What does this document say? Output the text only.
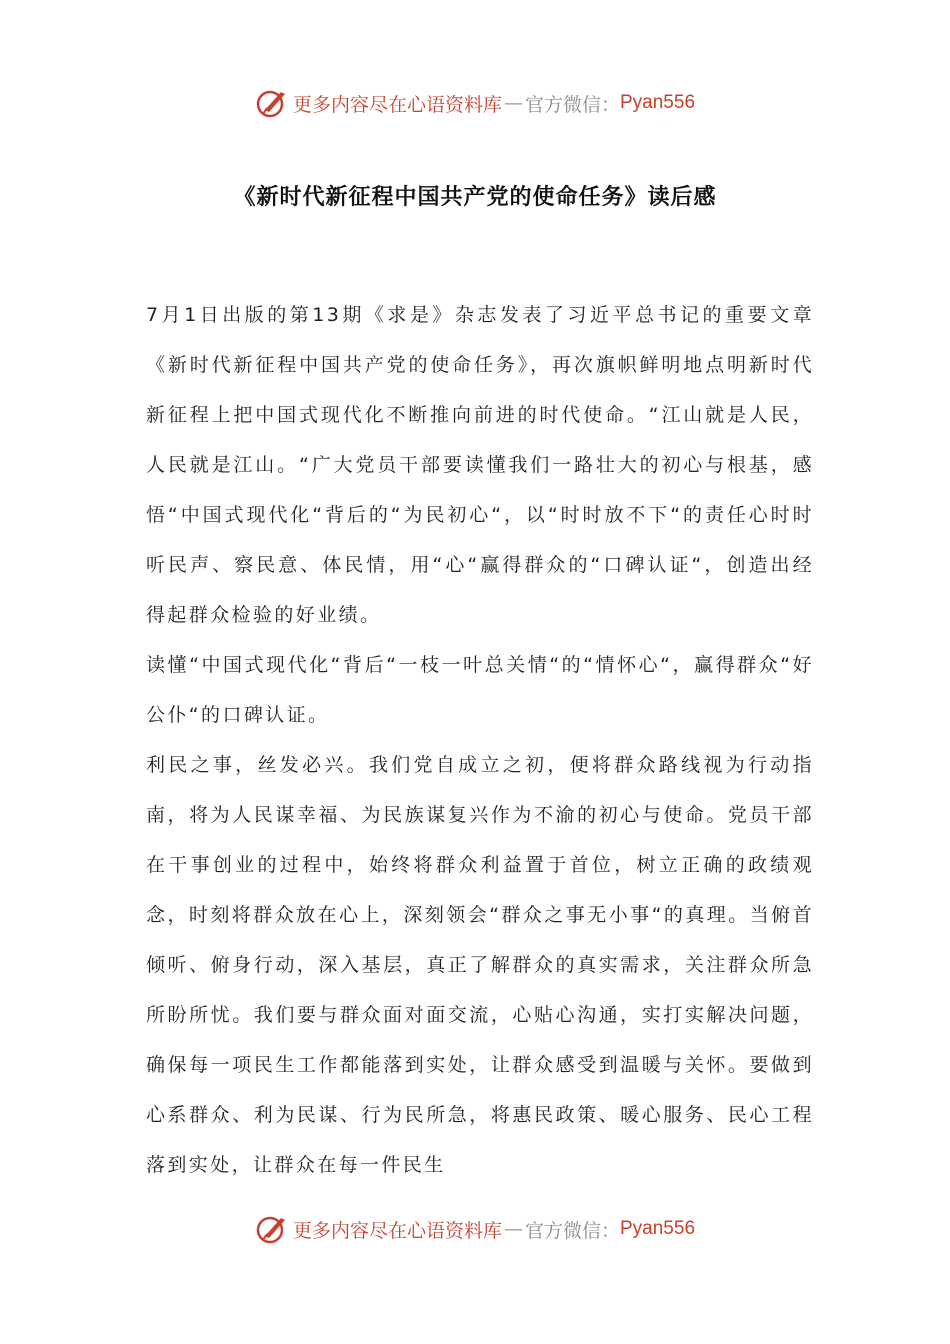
更多内容尽在心语资料库 — 官方微信： Pyan556
《新时代新征程中国共产党的使命任务》读后感

7月1日出版的第13期《求是》杂志发表了习近平总书记的重要文章《新时代新征程中国共产党的使命任务》，再次旗帜鲜明地点明新时代新征程上把中国式现代化不断推向前进的时代使命。“江山就是人民，人民就是江山。“广大党员干部要读懂我们一路壮大的初心与根基，感悟“中国式现代化“背后的“为民初心“，以“时时放不下“的责任心时时听民声、察民意、体民情，用“心“赢得群众的“口碑认证“，创造出经得起群众检验的好业绩。

读懂“中国式现代化“背后“一枝一叶总关情“的“情怀心“，赢得群众“好公仆“的口碑认证。

利民之事，丝发必兴。我们党自成立之初，便将群众路线视为行动指南，将为人民谋幸福、为民族谋复兴作为不渝的初心与使命。党员干部在干事创业的过程中，始终将群众利益置于首位，树立正确的政绩观念，时刻将群众放在心上，深刻领会“群众之事无小事“的真理。当俯首倾听、俯身行动，深入基层，真正了解群众的真实需求，关注群众所急所盼所忧。我们要与群众面对面交流，心贴心沟通，实打实解决问题，确保每一项民生工作都能落到实处，让群众感受到温暖与关怀。要做到心系群众、利为民谋、行为民所急，将惠民政策、暖心服务、民心工程落到实处，让群众在每一件民生

更多内容尽在心语资料库 — 官方微信： Pyan556
